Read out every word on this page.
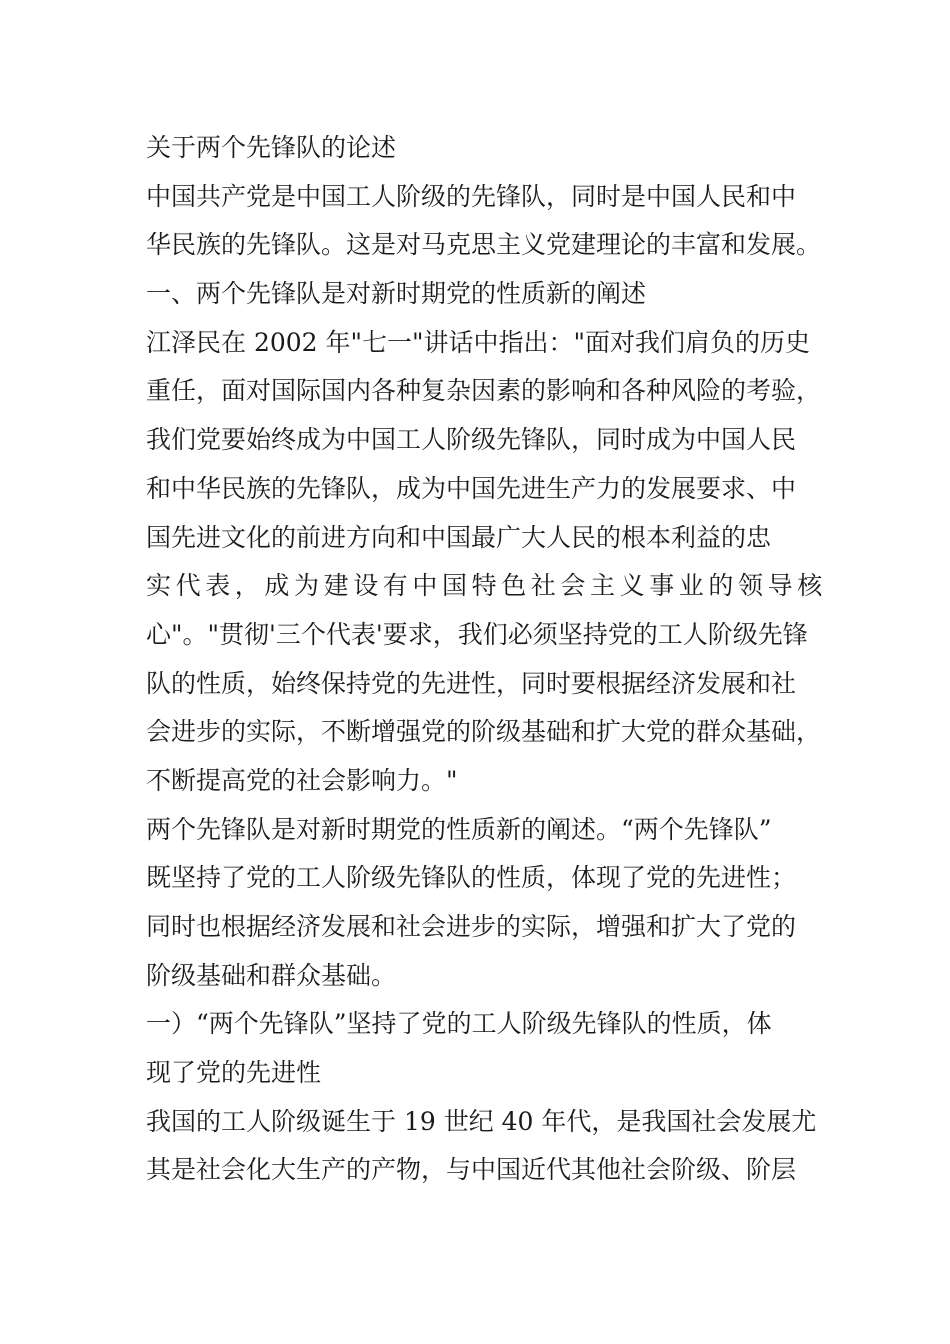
关于两个先锋队的论述
中国共产党是中国工人阶级的先锋队，同时是中国人民和中
华民族的先锋队。这是对马克思主义党建理论的丰富和发展。
一、两个先锋队是对新时期党的性质新的阐述
江泽民在 2002 年"七一"讲话中指出："面对我们肩负的历史
重任，面对国际国内各种复杂因素的影响和各种风险的考验，
我们党要始终成为中国工人阶级先锋队，同时成为中国人民
和中华民族的先锋队，成为中国先进生产力的发展要求、中
国先进文化的前进方向和中国最广大人民的根本利益的忠
实代表，成为建设有中国特色社会主义事业的领导核
心"。"贯彻'三个代表'要求，我们必须坚持党的工人阶级先锋
队的性质，始终保持党的先进性，同时要根据经济发展和社
会进步的实际，不断增强党的阶级基础和扩大党的群众基础，
不断提高党的社会影响力。"
两个先锋队是对新时期党的性质新的阐述。“两个先锋队”
既坚持了党的工人阶级先锋队的性质，体现了党的先进性；
同时也根据经济发展和社会进步的实际，增强和扩大了党的
阶级基础和群众基础。
一）“两个先锋队”坚持了党的工人阶级先锋队的性质，体
现了党的先进性
我国的工人阶级诞生于 19 世纪 40 年代，是我国社会发展尤
其是社会化大生产的产物，与中国近代其他社会阶级、阶层
